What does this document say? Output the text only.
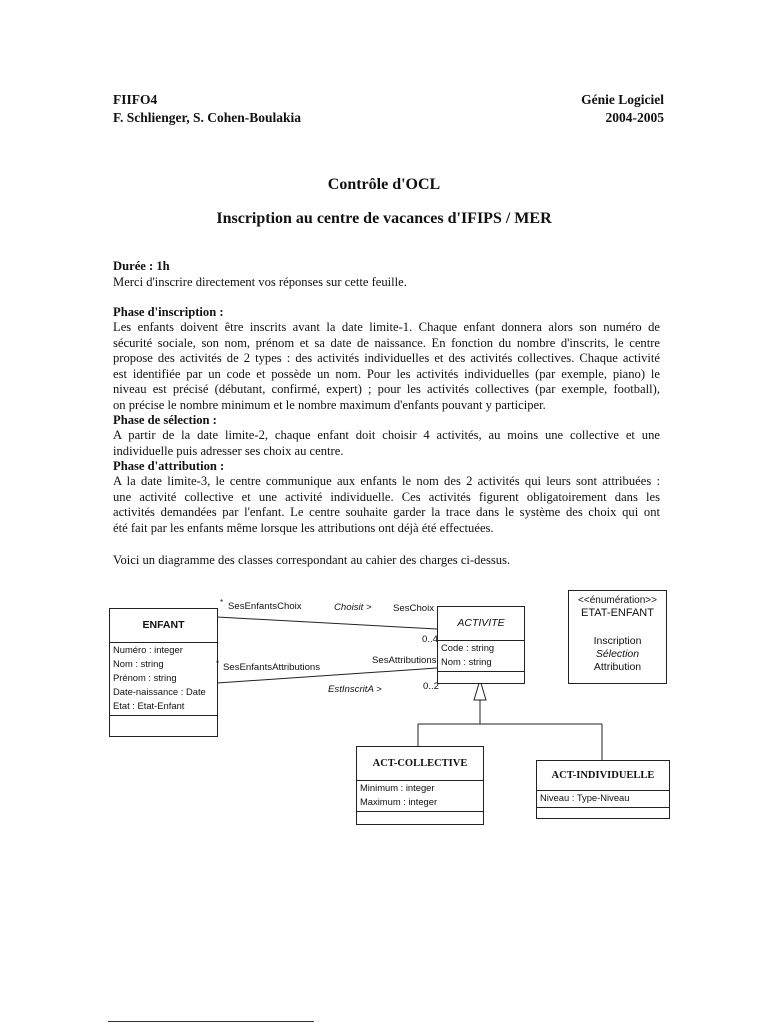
FIIFO4
F. Schlienger, S. Cohen-Boulakia
Génie Logiciel
2004-2005
Contrôle d'OCL
Inscription au centre de vacances d'IFIPS / MER
Durée : 1h
Merci d'inscrire directement vos réponses sur cette feuille.
Phase d'inscription :
Les enfants doivent être inscrits avant la date limite-1. Chaque enfant donnera alors son numéro de
sécurité sociale, son nom, prénom et sa date de naissance. En fonction du nombre d'inscrits, le centre
propose des activités de 2 types : des activités individuelles et des activités collectives. Chaque activité
est identifiée par un code et possède un nom. Pour les activités individuelles (par exemple, piano) le
niveau est précisé (débutant, confirmé, expert) ; pour les activités collectives (par exemple, football),
on précise le nombre minimum et le nombre maximum d'enfants pouvant y participer.
Phase de sélection :
A partir de la date limite-2, chaque enfant doit choisir 4 activités, au moins une collective et une
individuelle puis adresser ses choix au centre.
Phase d'attribution :
A la date limite-3, le centre communique aux enfants le nom des 2 activités qui leurs sont attribuées :
une activité collective et une activité individuelle. Ces activités figurent obligatoirement dans les
activités demandées par l'enfant. Le centre souhaite garder la trace dans le système des choix qui ont
été fait par les enfants même lorsque les attributions ont déjà été effectuées.
Voici un diagramme des classes correspondant au cahier des charges ci-dessus.
ENFANT
Numéro : integer
Nom : string
Prénom : string
Date-naissance : Date
Etat : Etat-Enfant
ACTIVITE
Code : string
Nom : string
ACT-COLLECTIVE
Minimum : integer
Maximum : integer
ACT-INDIVIDUELLE
Niveau : Type-Niveau
<<énumération>>
ETAT-ENFANT
Inscription
Sélection
Attribution
* SesEnfantsChoix	Choisit > SesChoix
0..4
* SesEnfantsAttributions
SesAttributions
EstInscritA >	0..2
